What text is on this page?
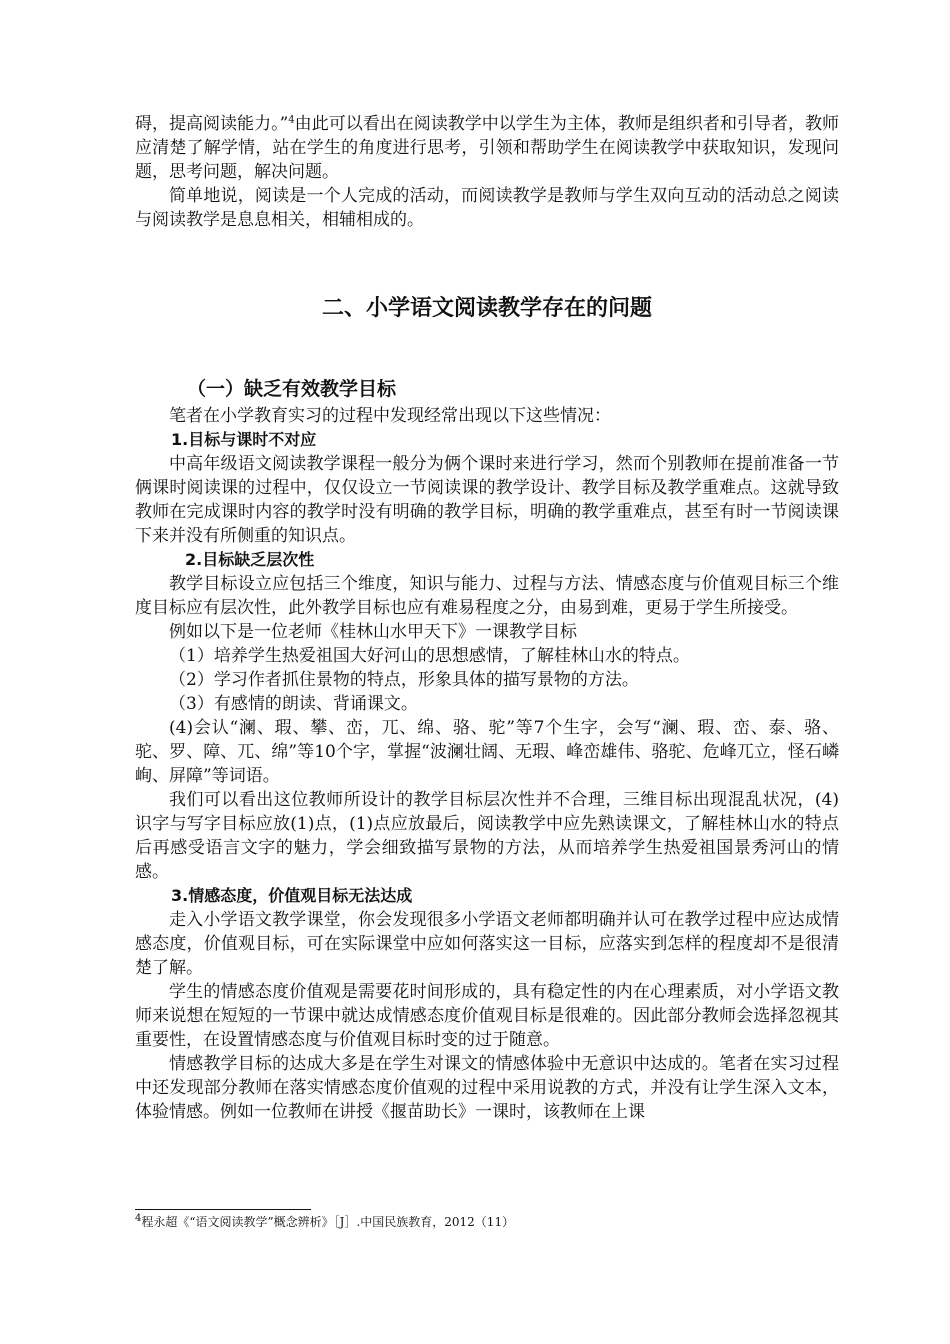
碍，提高阅读能力。”$^4$由此可以看出在阅读教学中以学生为主体，教师是组织者和引导者，教师应清楚了解学情，站在学生的角度进行思考，引领和帮助学生在阅读教学中获取知识，发现问题，思考问题，解决问题。

简单地说，阅读是一个人完成的活动，而阅读教学是教师与学生双向互动的活动总之阅读与阅读教学是息息相关，相辅相成的。

二、小学语文阅读教学存在的问题
（一）缺乏有效教学目标

笔者在小学教育实习的过程中发现经常出现以下这些情况：

1.目标与课时不对应

中高年级语文阅读教学课程一般分为俩个课时来进行学习，然而个别教师在提前准备一节俩课时阅读课的过程中，仅仅设立一节阅读课的教学设计、教学目标及教学重难点。这就导致教师在完成课时内容的教学时没有明确的教学目标，明确的教学重难点，甚至有时一节阅读课下来并没有所侧重的知识点。

2.目标缺乏层次性

教学目标设立应包括三个维度，知识与能力、过程与方法、情感态度与价值观目标三个维度目标应有层次性，此外教学目标也应有难易程度之分，由易到难，更易于学生所接受。

例如以下是一位老师《桂林山水甲天下》一课教学目标

（1）培养学生热爱祖国大好河山的思想感情，了解桂林山水的特点。

（2）学习作者抓住景物的特点，形象具体的描写景物的方法。

（3）有感情的朗读、背诵课文。

(4)会认“澜、瑕、攀、峦，兀、绵、骆、驼”等7个生字，会写“澜、瑕、峦、泰、骆、驼、罗、障、兀、绵”等10个字，掌握“波澜壮阔、无瑕、峰峦雄伟、骆驼、危峰兀立，怪石嶙峋、屏障”等词语。

我们可以看出这位教师所设计的教学目标层次性并不合理，三维目标出现混乱状况，(4)识字与写字目标应放(1)点，(1)点应放最后，阅读教学中应先熟读课文，了解桂林山水的特点后再感受语言文字的魅力，学会细致描写景物的方法，从而培养学生热爱祖国景秀河山的情感。

3.情感态度，价值观目标无法达成

走入小学语文教学课堂，你会发现很多小学语文老师都明确并认可在教学过程中应达成情感态度，价值观目标，可在实际课堂中应如何落实这一目标，应落实到怎样的程度却不是很清楚了解。

学生的情感态度价值观是需要花时间形成的，具有稳定性的内在心理素质，对小学语文教师来说想在短短的一节课中就达成情感态度价值观目标是很难的。因此部分教师会选择忽视其重要性，在设置情感态度与价值观目标时变的过于随意。

情感教学目标的达成大多是在学生对课文的情感体验中无意识中达成的。笔者在实习过程中还发现部分教师在落实情感态度价值观的过程中采用说教的方式，并没有让学生深入文本，体验情感。例如一位教师在讲授《揠苗助长》一课时，该教师在上课

$^4$程永超《“语文阅读教学”概念辨析》［J］.中国民族教育，2012（11）
